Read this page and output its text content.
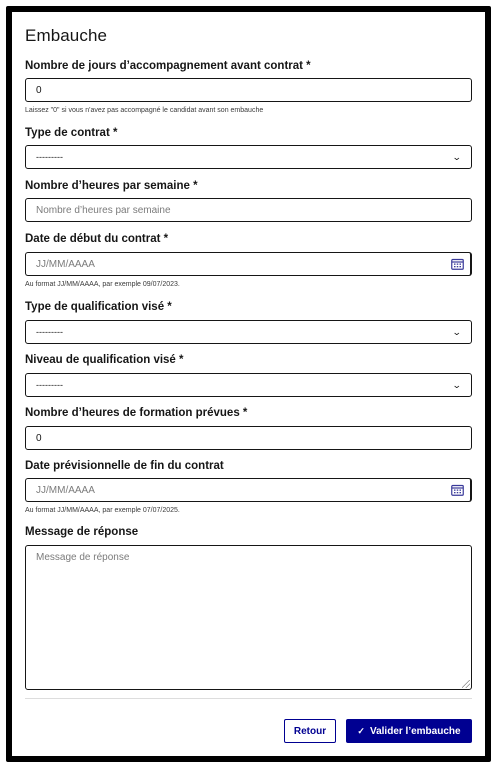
Embauche
Nombre de jours d’accompagnement avant contrat *
0
Laissez "0" si vous n'avez pas accompagné le candidat avant son embauche
Type de contrat *
---------	⌄
Nombre d’heures par semaine *
Nombre d’heures par semaine
Date de début du contrat *
JJ/MM/AAAA
Au format JJ/MM/AAAA, par exemple 09/07/2023.
Type de qualification visé *
---------	⌄
Niveau de qualification visé *
---------	⌄
Nombre d’heures de formation prévues *
0
Date prévisionnelle de fin du contrat
JJ/MM/AAAA
Au format JJ/MM/AAAA, par exemple 07/07/2025.
Message de réponse
Message de réponse
Retour	✓ Valider l’embauche
